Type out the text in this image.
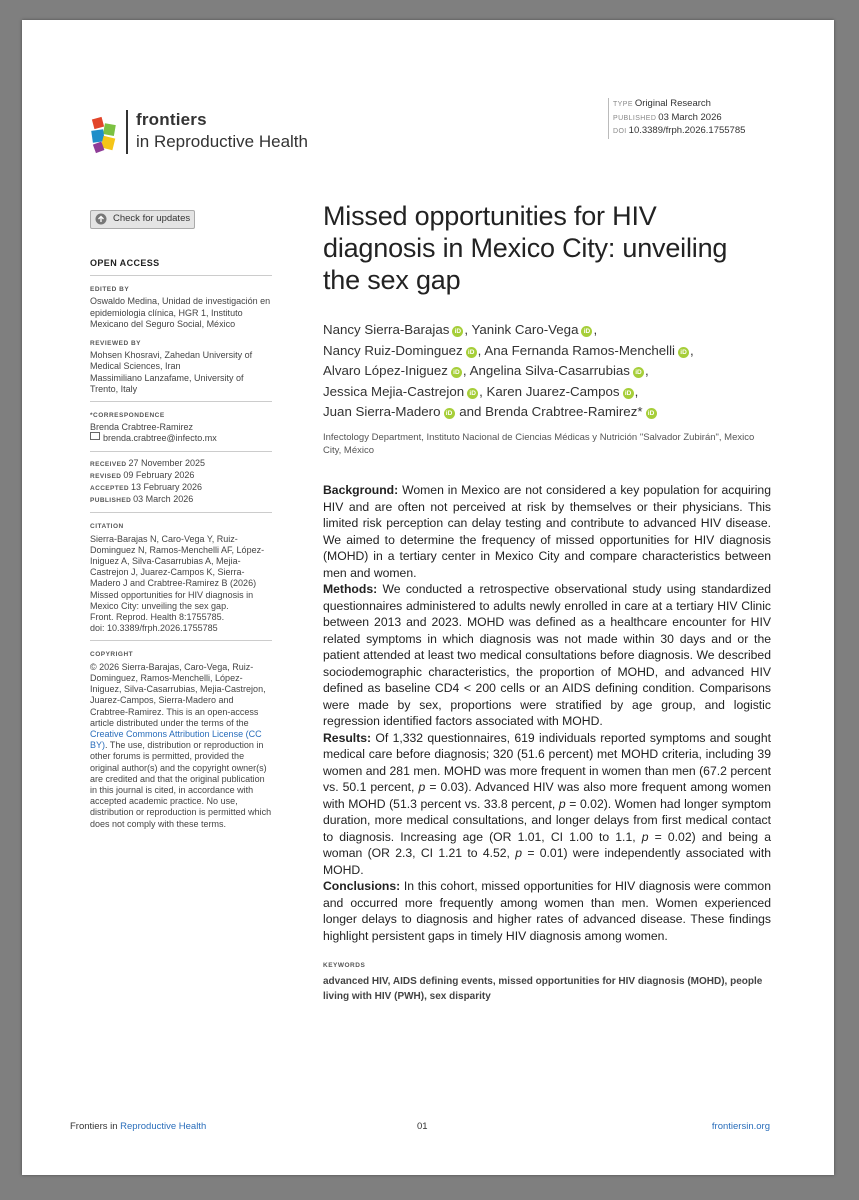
frontiers
in Reproductive Health
TYPE Original Research
PUBLISHED 03 March 2026
DOI 10.3389/frph.2026.1755785
Check for updates
OPEN ACCESS
EDITED BY

Oswaldo Medina, Unidad de investigación en epidemiologia clínica, HGR 1, Instituto Mexicano del Seguro Social, México

REVIEWED BY

Mohsen Khosravi, Zahedan University of Medical Sciences, Iran

Massimiliano Lanzafame, University of Trento, Italy

*CORRESPONDENCE

Brenda Crabtree-Ramirez

brenda.crabtree@infecto.mx

RECEIVED 27 November 2025
REVISED 09 February 2026
ACCEPTED 13 February 2026
PUBLISHED 03 March 2026
CITATION

Sierra-Barajas N, Caro-Vega Y, Ruiz-Dominguez N, Ramos-Menchelli AF, López-Iniguez A, Silva-Casarrubias A, Mejia-Castrejon J, Juarez-Campos K, Sierra-Madero J and Crabtree-Ramirez B (2026) Missed opportunities for HIV diagnosis in Mexico City: unveiling the sex gap.

Front. Reprod. Health 8:1755785.

doi: 10.3389/frph.2026.1755785

COPYRIGHT

© 2026 Sierra-Barajas, Caro-Vega, Ruiz-Dominguez, Ramos-Menchelli, López-Iniguez, Silva-Casarrubias, Mejia-Castrejon, Juarez-Campos, Sierra-Madero and Crabtree-Ramirez. This is an open-access article distributed under the terms of the Creative Commons Attribution License (CC BY). The use, distribution or reproduction in other forums is permitted, provided the original author(s) and the copyright owner(s) are credited and that the original publication in this journal is cited, in accordance with accepted academic practice. No use, distribution or reproduction is permitted which does not comply with these terms.

Missed opportunities for HIV diagnosis in Mexico City: unveiling the sex gap
Nancy Sierra-Barajas iD , Yanink Caro-Vega iD ,
Nancy Ruiz-Dominguez iD , Ana Fernanda Ramos-Menchelli iD ,
Alvaro López-Iniguez iD , Angelina Silva-Casarrubias iD ,
Jessica Mejia-Castrejon iD , Karen Juarez-Campos iD ,
Juan Sierra-Madero iD and Brenda Crabtree-Ramirez* iD
Infectology Department, Instituto Nacional de Ciencias Médicas y Nutrición "Salvador Zubirán", Mexico City, México

Background: Women in Mexico are not considered a key population for acquiring HIV and are often not perceived at risk by themselves or their physicians. This limited risk perception can delay testing and contribute to advanced HIV disease. We aimed to determine the frequency of missed opportunities for HIV diagnosis (MOHD) in a tertiary center in Mexico City and compare characteristics between men and women.

Methods: We conducted a retrospective observational study using standardized questionnaires administered to adults newly enrolled in care at a tertiary HIV Clinic between 2013 and 2023. MOHD was defined as a healthcare encounter for HIV related symptoms in which diagnosis was not made within 30 days and or the patient attended at least two medical consultations before diagnosis. We described sociodemographic characteristics, the proportion of MOHD, and advanced HIV defined as baseline CD4 < 200 cells or an AIDS defining condition. Comparisons were made by sex, proportions were stratified by age group, and logistic regression identified factors associated with MOHD.

Results: Of 1,332 questionnaires, 619 individuals reported symptoms and sought medical care before diagnosis; 320 (51.6 percent) met MOHD criteria, including 39 women and 281 men. MOHD was more frequent in women than men (67.2 percent vs. 50.1 percent, p = 0.03). Advanced HIV was also more frequent among women with MOHD (51.3 percent vs. 33.8 percent, p = 0.02). Women had longer symptom duration, more medical consultations, and longer delays from first medical contact to diagnosis. Increasing age (OR 1.01, CI 1.00 to 1.1, p = 0.02) and being a woman (OR 2.3, CI 1.21 to 4.52, p = 0.01) were independently associated with MOHD.

Conclusions: In this cohort, missed opportunities for HIV diagnosis were common and occurred more frequently among women than men. Women experienced longer delays to diagnosis and higher rates of advanced disease. These findings highlight persistent gaps in timely HIV diagnosis among women.

KEYWORDS
advanced HIV, AIDS defining events, missed opportunities for HIV diagnosis (MOHD), people living with HIV (PWH), sex disparity
Frontiers in Reproductive Health	01	frontiersin.org
